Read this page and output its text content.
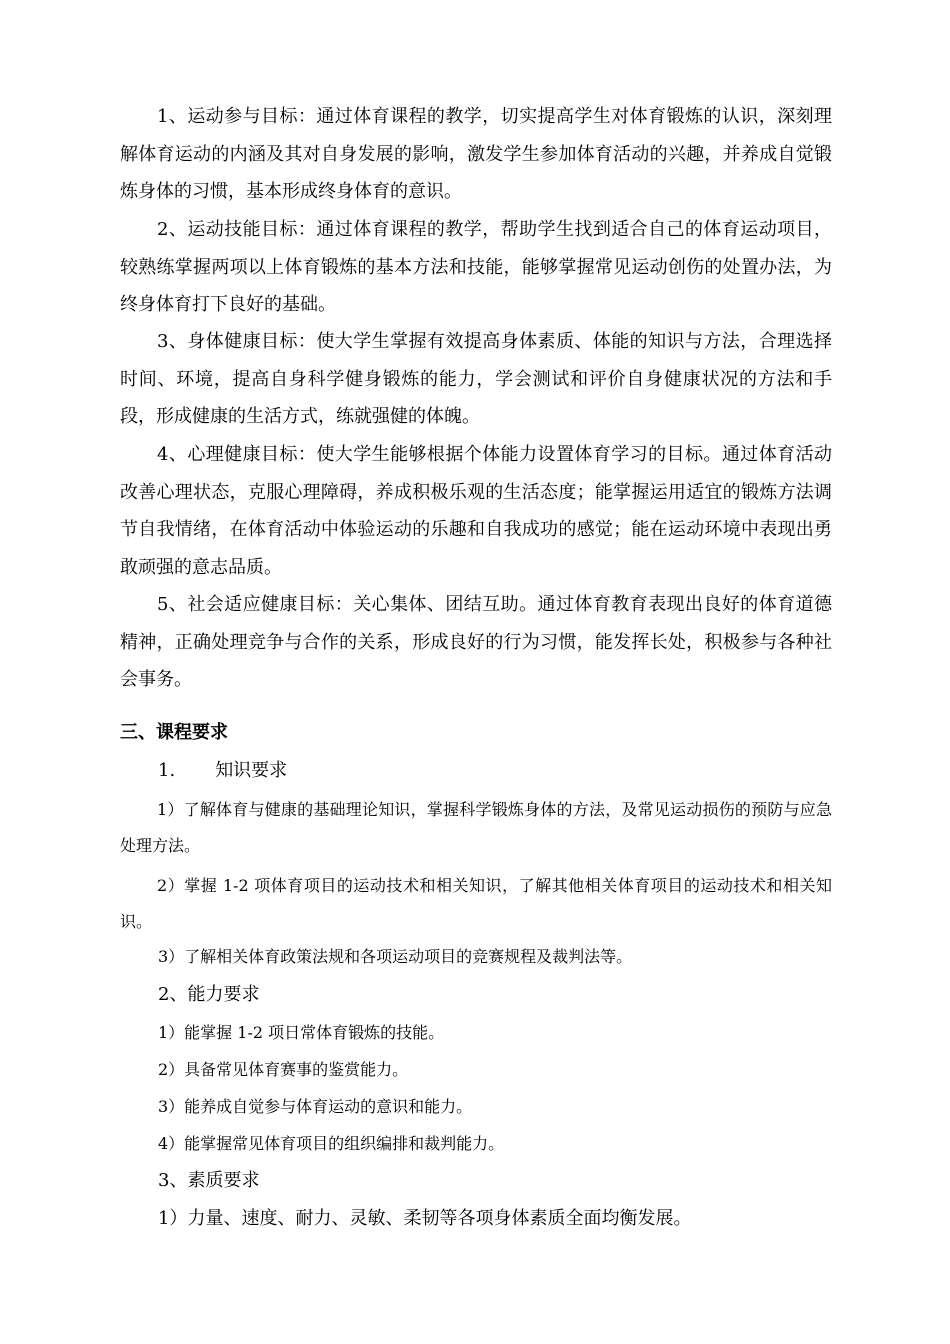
1、运动参与目标：通过体育课程的教学，切实提高学生对体育锻炼的认识，深刻理解体育运动的内涵及其对自身发展的影响，激发学生参加体育活动的兴趣，并养成自觉锻炼身体的习惯，基本形成终身体育的意识。

2、运动技能目标：通过体育课程的教学，帮助学生找到适合自己的体育运动项目，较熟练掌握两项以上体育锻炼的基本方法和技能，能够掌握常见运动创伤的处置办法，为终身体育打下良好的基础。

3、身体健康目标：使大学生掌握有效提高身体素质、体能的知识与方法，合理选择时间、环境，提高自身科学健身锻炼的能力，学会测试和评价自身健康状况的方法和手段，形成健康的生活方式，练就强健的体魄。

4、心理健康目标：使大学生能够根据个体能力设置体育学习的目标。通过体育活动改善心理状态，克服心理障碍，养成积极乐观的生活态度；能掌握运用适宜的锻炼方法调节自我情绪，在体育活动中体验运动的乐趣和自我成功的感觉；能在运动环境中表现出勇敢顽强的意志品质。

5、社会适应健康目标：关心集体、团结互助。通过体育教育表现出良好的体育道德精神，正确处理竞争与合作的关系，形成良好的行为习惯，能发挥长处，积极参与各种社会事务。

三、课程要求

1. 知识要求

1）了解体育与健康的基础理论知识，掌握科学锻炼身体的方法，及常见运动损伤的预防与应急处理方法。

2）掌握 1-2 项体育项目的运动技术和相关知识，了解其他相关体育项目的运动技术和相关知识。

3）了解相关体育政策法规和各项运动项目的竞赛规程及裁判法等。

2、能力要求

1）能掌握 1-2 项日常体育锻炼的技能。

2）具备常见体育赛事的鉴赏能力。

3）能养成自觉参与体育运动的意识和能力。

4）能掌握常见体育项目的组织编排和裁判能力。

3、素质要求

1）力量、速度、耐力、灵敏、柔韧等各项身体素质全面均衡发展。
